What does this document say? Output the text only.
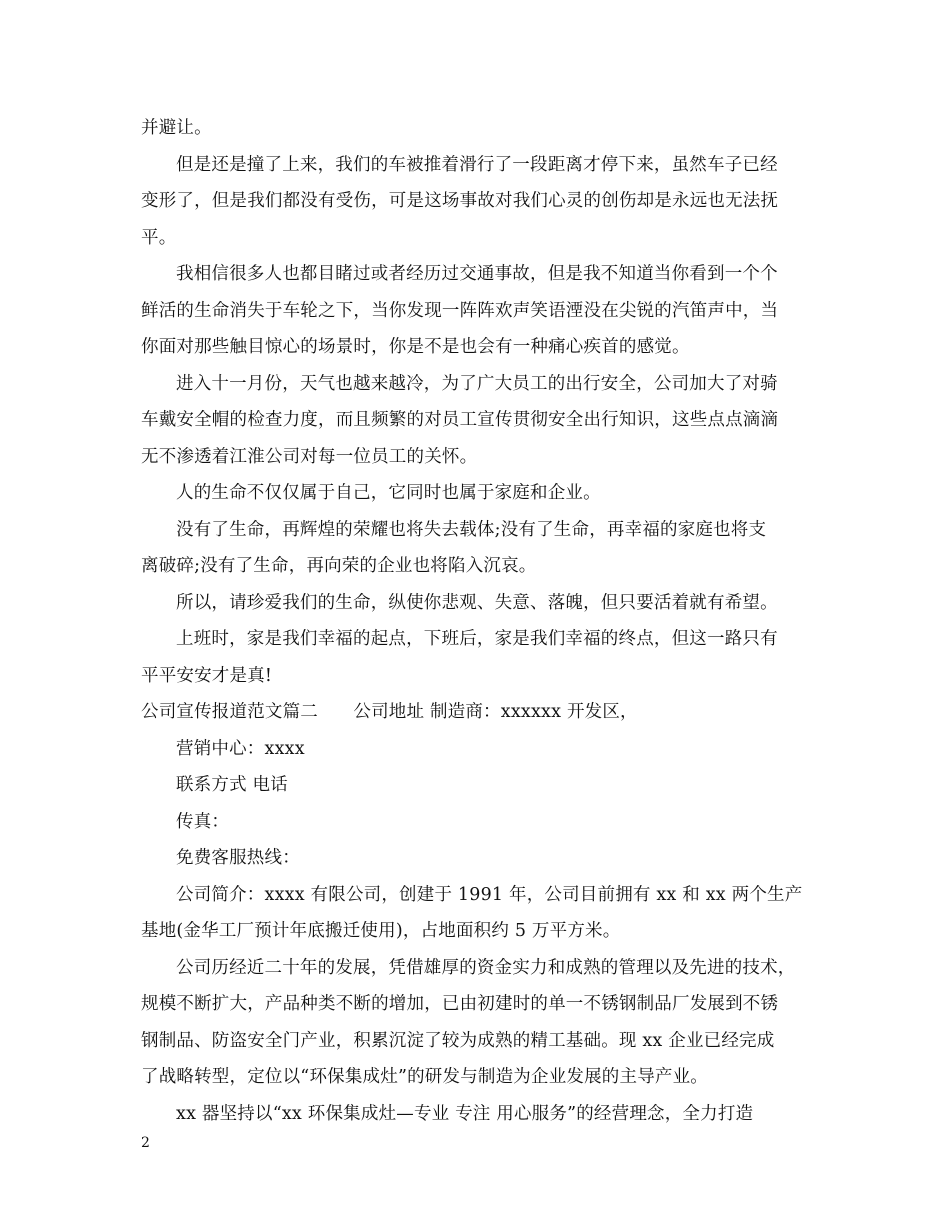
并避让。
但是还是撞了上来，我们的车被推着滑行了一段距离才停下来，虽然车子已经
变形了，但是我们都没有受伤，可是这场事故对我们心灵的创伤却是永远也无法抚
平。
我相信很多人也都目睹过或者经历过交通事故，但是我不知道当你看到一个个
鲜活的生命消失于车轮之下，当你发现一阵阵欢声笑语湮没在尖锐的汽笛声中，当
你面对那些触目惊心的场景时，你是不是也会有一种痛心疾首的感觉。
进入十一月份，天气也越来越冷，为了广大员工的出行安全，公司加大了对骑
车戴安全帽的检查力度，而且频繁的对员工宣传贯彻安全出行知识，这些点点滴滴
无不渗透着江淮公司对每一位员工的关怀。
人的生命不仅仅属于自己，它同时也属于家庭和企业。
没有了生命，再辉煌的荣耀也将失去载体;没有了生命，再幸福的家庭也将支
离破碎;没有了生命，再向荣的企业也将陷入沉哀。
所以，请珍爱我们的生命，纵使你悲观、失意、落魄，但只要活着就有希望。
上班时，家是我们幸福的起点，下班后，家是我们幸福的终点，但这一路只有
平平安安才是真!
公司宣传报道范文篇二　　公司地址 制造商：xxxxxx 开发区，
营销中心：xxxx
联系方式 电话
传真：
免费客服热线：
公司简介：xxxx 有限公司，创建于 1991 年，公司目前拥有 xx 和 xx 两个生产
基地(金华工厂预计年底搬迁使用)，占地面积约 5 万平方米。
公司历经近二十年的发展，凭借雄厚的资金实力和成熟的管理以及先进的技术，
规模不断扩大，产品种类不断的增加，已由初建时的单一不锈钢制品厂发展到不锈
钢制品、防盗安全门产业，积累沉淀了较为成熟的精工基础。现 xx 企业已经完成
了战略转型，定位以“环保集成灶”的研发与制造为企业发展的主导产业。
xx 器坚持以“xx 环保集成灶—专业 专注 用心服务”的经营理念，全力打造
2
